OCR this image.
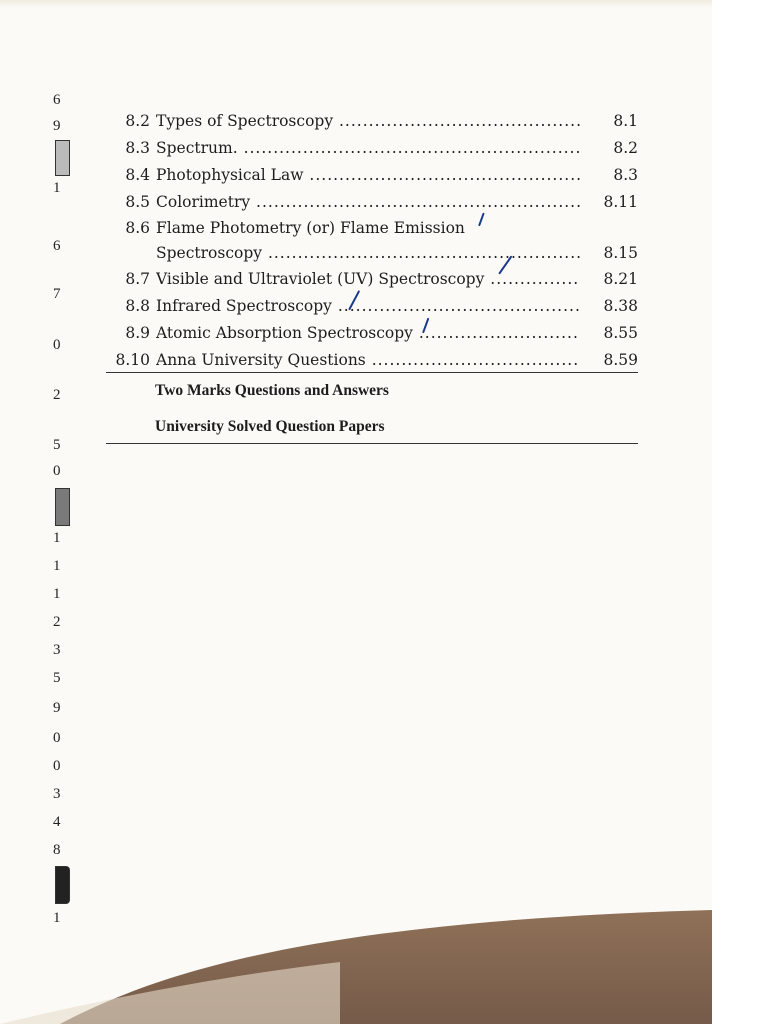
6
9
1
6
7
0
2
5
0
1
1
1
2
3
5
9
0
0
3
4
8
1
8.2 Types of Spectroscopy .....	8.1
8.3 Spectrum. .....	8.2
8.4 Photophysical Law .....	8.3
8.5 Colorimetry .....	8.11
8.6 Flame Photometry (or) Flame Emission
Spectroscopy .....	8.15
8.7 Visible and Ultraviolet (UV) Spectroscopy .....	8.21
8.8 Infrared Spectroscopy .....	8.38
8.9 Atomic Absorption Spectroscopy .....	8.55
8.10 Anna University Questions .....	8.59
Two Marks Questions and Answers
University Solved Question Papers
